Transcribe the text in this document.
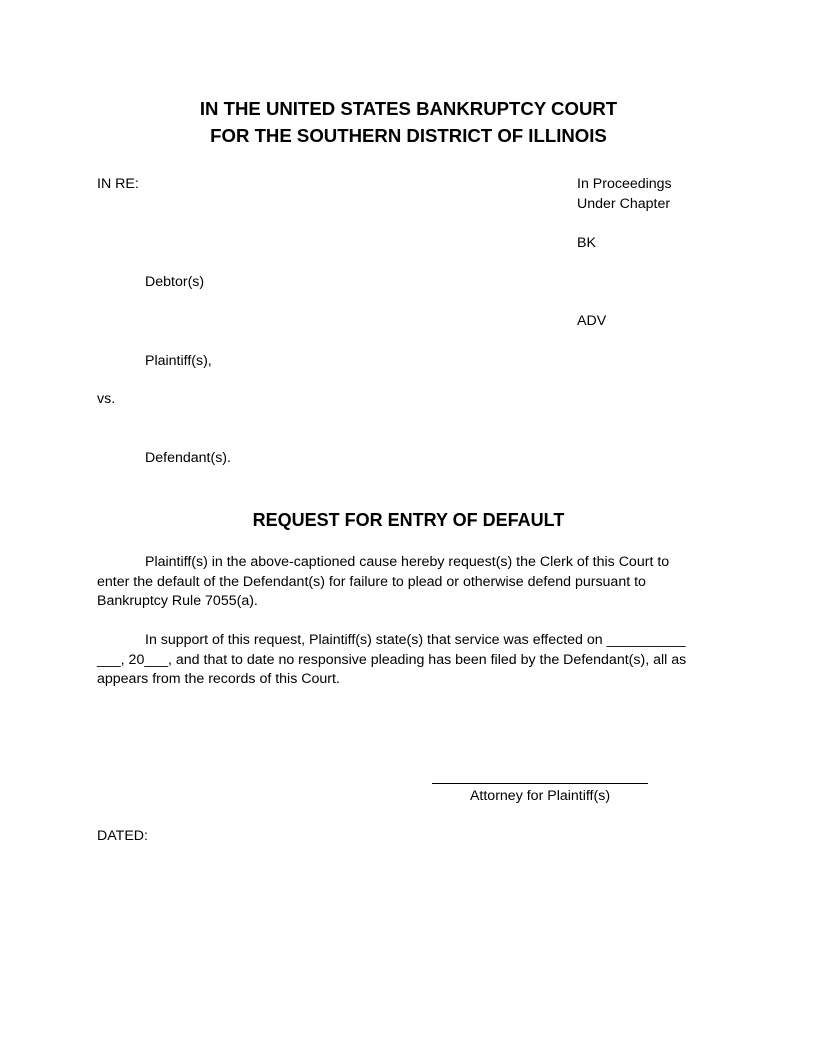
IN THE UNITED STATES BANKRUPTCY COURT
FOR THE SOUTHERN DISTRICT OF ILLINOIS
IN RE:	In Proceedings
Under Chapter
BK
Debtor(s)
ADV
Plaintiff(s),
vs.
Defendant(s).
REQUEST FOR ENTRY OF DEFAULT
Plaintiff(s) in the above-captioned cause hereby request(s) the Clerk of this Court to enter the default of the Defendant(s) for failure to plead or otherwise defend pursuant to Bankruptcy Rule 7055(a).
In support of this request, Plaintiff(s) state(s) that service was effected on __________ ___, 20___, and that to date no responsive pleading has been filed by the Defendant(s), all as appears from the records of this Court.
Attorney for Plaintiff(s)
DATED:
